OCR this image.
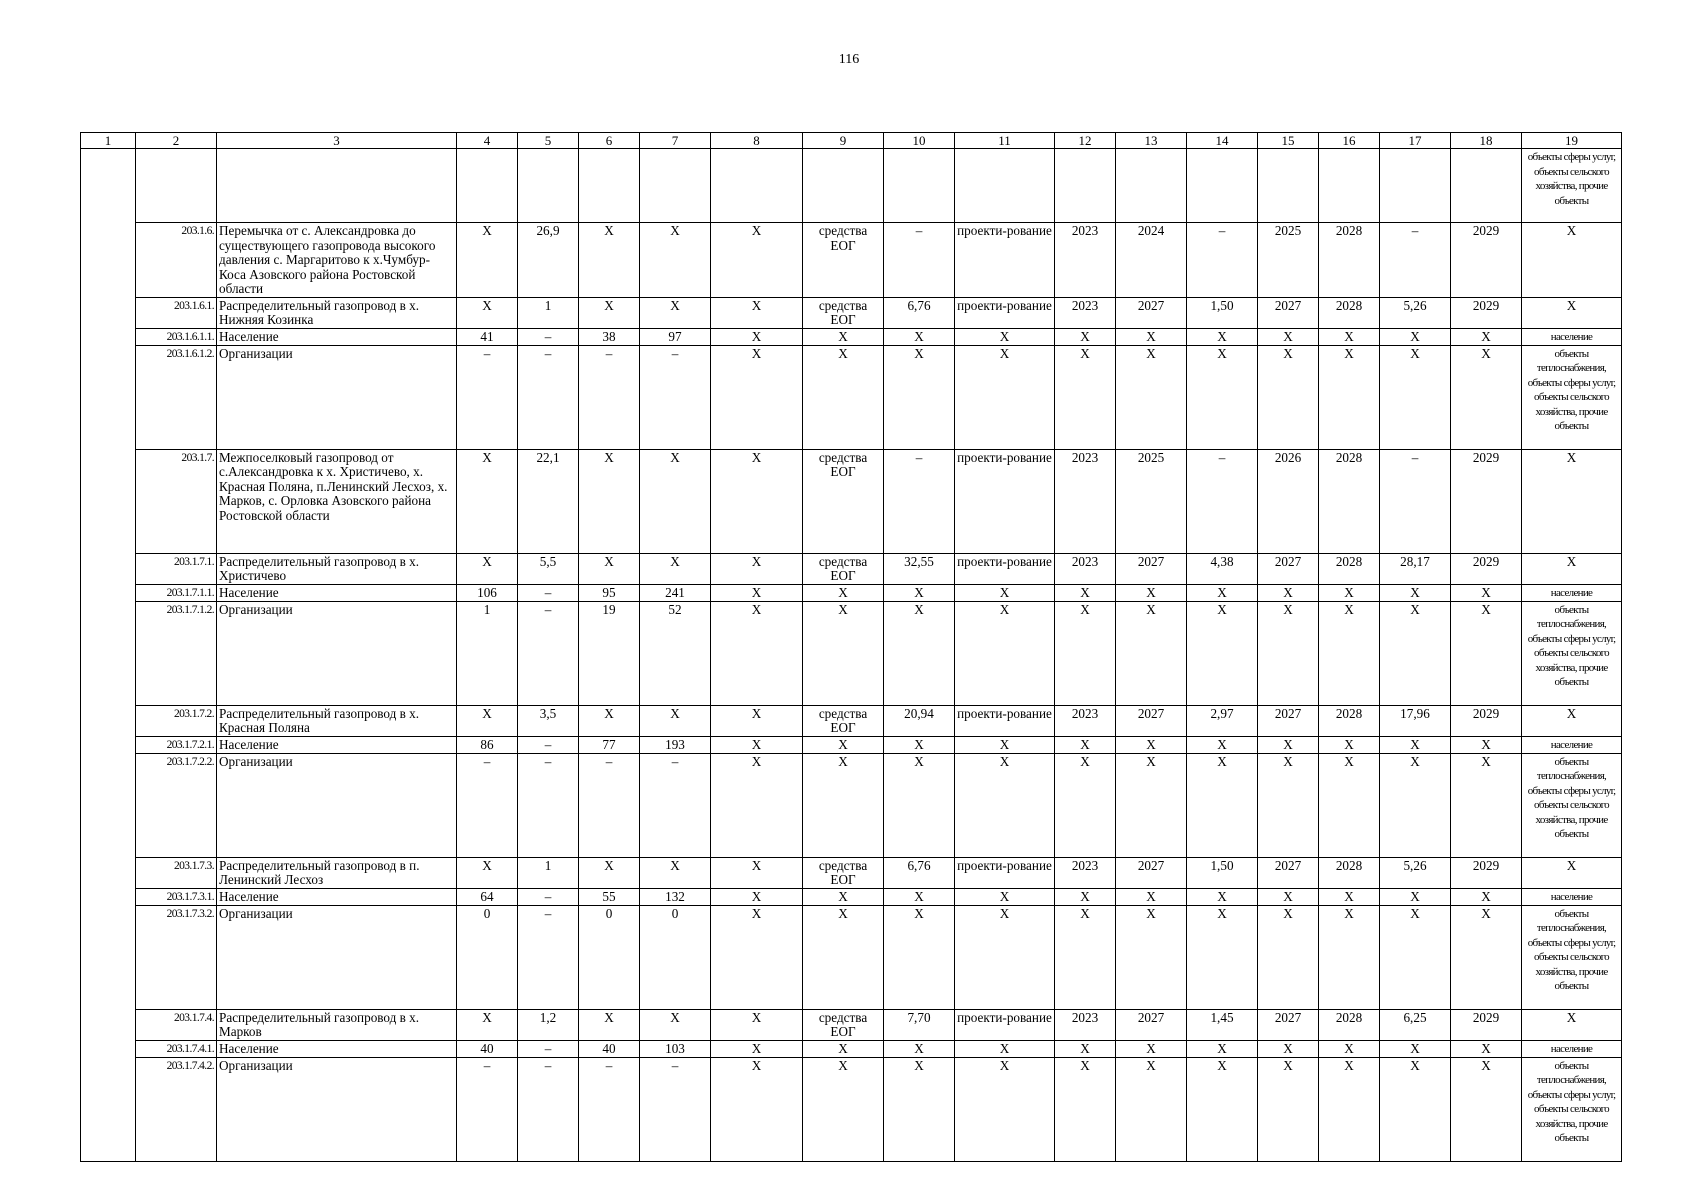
116
1	2	3	4	5	6	7	8	9	10	11	12	13	14	15	16	17	18	19
																		объекты сферы услуг, объекты сельского хозяйства, прочие объекты
	203.1.6.	Перемычка от с. Александровка до существующего газопровода высокого давления с. Маргаритово к х.Чумбур-Коса Азовского района Ростовской области	X	26,9	X	X	X	средства ЕОГ	–	проекти-рование	2023	2024	–	2025	2028	–	2029	X
	203.1.6.1.	Распределительный газопровод в х. Нижняя Козинка	X	1	X	X	X	средства ЕОГ	6,76	проекти-рование	2023	2027	1,50	2027	2028	5,26	2029	X
	203.1.6.1.1.	Население	41	–	38	97	X	X	X	X	X	X	X	X	X	X	X	население
	203.1.6.1.2.	Организации	–	–	–	–	X	X	X	X	X	X	X	X	X	X	X	объекты теплоснабжения, объекты сферы услуг, объекты сельского хозяйства, прочие объекты
	203.1.7.	Межпоселковый газопровод от с.Александровка к х. Христичево, х. Красная Поляна, п.Ленинский Лесхоз, х. Марков, с. Орловка Азовского района Ростовской области	X	22,1	X	X	X	средства ЕОГ	–	проекти-рование	2023	2025	–	2026	2028	–	2029	X
	203.1.7.1.	Распределительный газопровод в х. Христичево	X	5,5	X	X	X	средства ЕОГ	32,55	проекти-рование	2023	2027	4,38	2027	2028	28,17	2029	X
	203.1.7.1.1.	Население	106	–	95	241	X	X	X	X	X	X	X	X	X	X	X	население
	203.1.7.1.2.	Организации	1	–	19	52	X	X	X	X	X	X	X	X	X	X	X	объекты теплоснабжения, объекты сферы услуг, объекты сельского хозяйства, прочие объекты
	203.1.7.2.	Распределительный газопровод в х. Красная Поляна	X	3,5	X	X	X	средства ЕОГ	20,94	проекти-рование	2023	2027	2,97	2027	2028	17,96	2029	X
	203.1.7.2.1.	Население	86	–	77	193	X	X	X	X	X	X	X	X	X	X	X	население
	203.1.7.2.2.	Организации	–	–	–	–	X	X	X	X	X	X	X	X	X	X	X	объекты теплоснабжения, объекты сферы услуг, объекты сельского хозяйства, прочие объекты
	203.1.7.3.	Распределительный газопровод в п. Ленинский Лесхоз	X	1	X	X	X	средства ЕОГ	6,76	проекти-рование	2023	2027	1,50	2027	2028	5,26	2029	X
	203.1.7.3.1.	Население	64	–	55	132	X	X	X	X	X	X	X	X	X	X	X	население
	203.1.7.3.2.	Организации	0	–	0	0	X	X	X	X	X	X	X	X	X	X	X	объекты теплоснабжения, объекты сферы услуг, объекты сельского хозяйства, прочие объекты
	203.1.7.4.	Распределительный газопровод в х. Марков	X	1,2	X	X	X	средства ЕОГ	7,70	проекти-рование	2023	2027	1,45	2027	2028	6,25	2029	X
	203.1.7.4.1.	Население	40	–	40	103	X	X	X	X	X	X	X	X	X	X	X	население
	203.1.7.4.2.	Организации	–	–	–	–	X	X	X	X	X	X	X	X	X	X	X	объекты теплоснабжения, объекты сферы услуг, объекты сельского хозяйства, прочие объекты
